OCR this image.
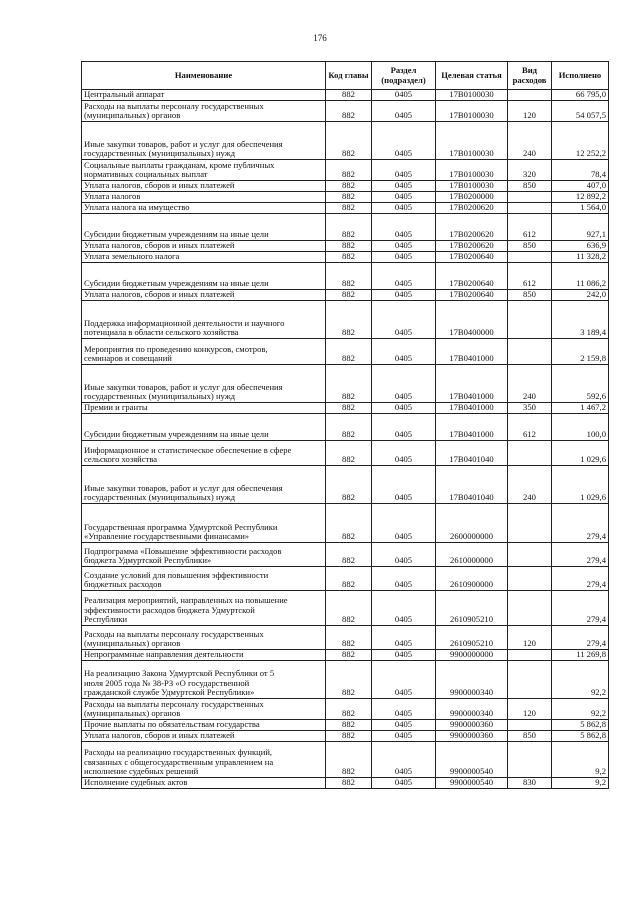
176
Наименование	Код главы	Раздел (подраздел)	Целевая статья	Вид расходов	Исполнено
Центральный аппарат	882	0405	17В0100030		66 795,0
Расходы на выплаты персоналу государственных
(муниципальных) органов	882	0405	17В0100030	120	54 057,5
Иные закупки товаров, работ и услуг для обеспечения
государственных (муниципальных) нужд	882	0405	17В0100030	240	12 252,2
Социальные выплаты гражданам, кроме публичных
нормативных социальных выплат	882	0405	17В0100030	320	78,4
Уплата налогов, сборов и иных платежей	882	0405	17В0100030	850	407,0
Уплата налогов	882	0405	17В0200000		12 892,2
Уплата налога на имущество	882	0405	17В0200620		1 564,0
Субсидии бюджетным учреждениям на иные цели	882	0405	17В0200620	612	927,1
Уплата налогов, сборов и иных платежей	882	0405	17В0200620	850	636,9
Уплата земельного налога	882	0405	17В0200640		11 328,2
Субсидии бюджетным учреждениям на иные цели	882	0405	17В0200640	612	11 086,2
Уплата налогов, сборов и иных платежей	882	0405	17В0200640	850	242,0
Поддержка информационной деятельности и научного
потенциала в области сельского хозяйства	882	0405	17В0400000		3 189,4
Мероприятия по проведению конкурсов, смотров,
семинаров и совещаний	882	0405	17В0401000		2 159,8
Иные закупки товаров, работ и услуг для обеспечения
государственных (муниципальных) нужд	882	0405	17В0401000	240	592,6
Премии и гранты	882	0405	17В0401000	350	1 467,2
Субсидии бюджетным учреждениям на иные цели	882	0405	17В0401000	612	100,0
Информационное и статистическое обеспечение в сфере
сельского хозяйства	882	0405	17В0401040		1 029,6
Иные закупки товаров, работ и услуг для обеспечения
государственных (муниципальных) нужд	882	0405	17В0401040	240	1 029,6
Государственная программа Удмуртской Республики
«Управление государственными финансами»	882	0405	2600000000		279,4
Подпрограмма «Повышение эффективности расходов
бюджета Удмуртской Республики»	882	0405	2610000000		279,4
Создание условий для повышения эффективности
бюджетных расходов	882	0405	2610900000		279,4
Реализация мероприятий, направленных на повышение
эффективности расходов бюджета Удмуртской
Республики	882	0405	2610905210		279,4
Расходы на выплаты персоналу государственных
(муниципальных) органов	882	0405	2610905210	120	279,4
Непрограммные направления деятельности	882	0405	9900000000		11 269,8
На реализацию Закона Удмуртской Республики от 5
июля 2005 года № 38-РЗ «О государственной
гражданской службе Удмуртской Республики»	882	0405	9900000340		92,2
Расходы на выплаты персоналу государственных
(муниципальных) органов	882	0405	9900000340	120	92,2
Прочие выплаты по обязательствам государства	882	0405	9900000360		5 862,8
Уплата налогов, сборов и иных платежей	882	0405	9900000360	850	5 862,8
Расходы на реализацию государственных функций,
связанных с общегосударственным управлением на
исполнение судебных решений	882	0405	9900000540		9,2
Исполнение судебных актов	882	0405	9900000540	830	9,2
